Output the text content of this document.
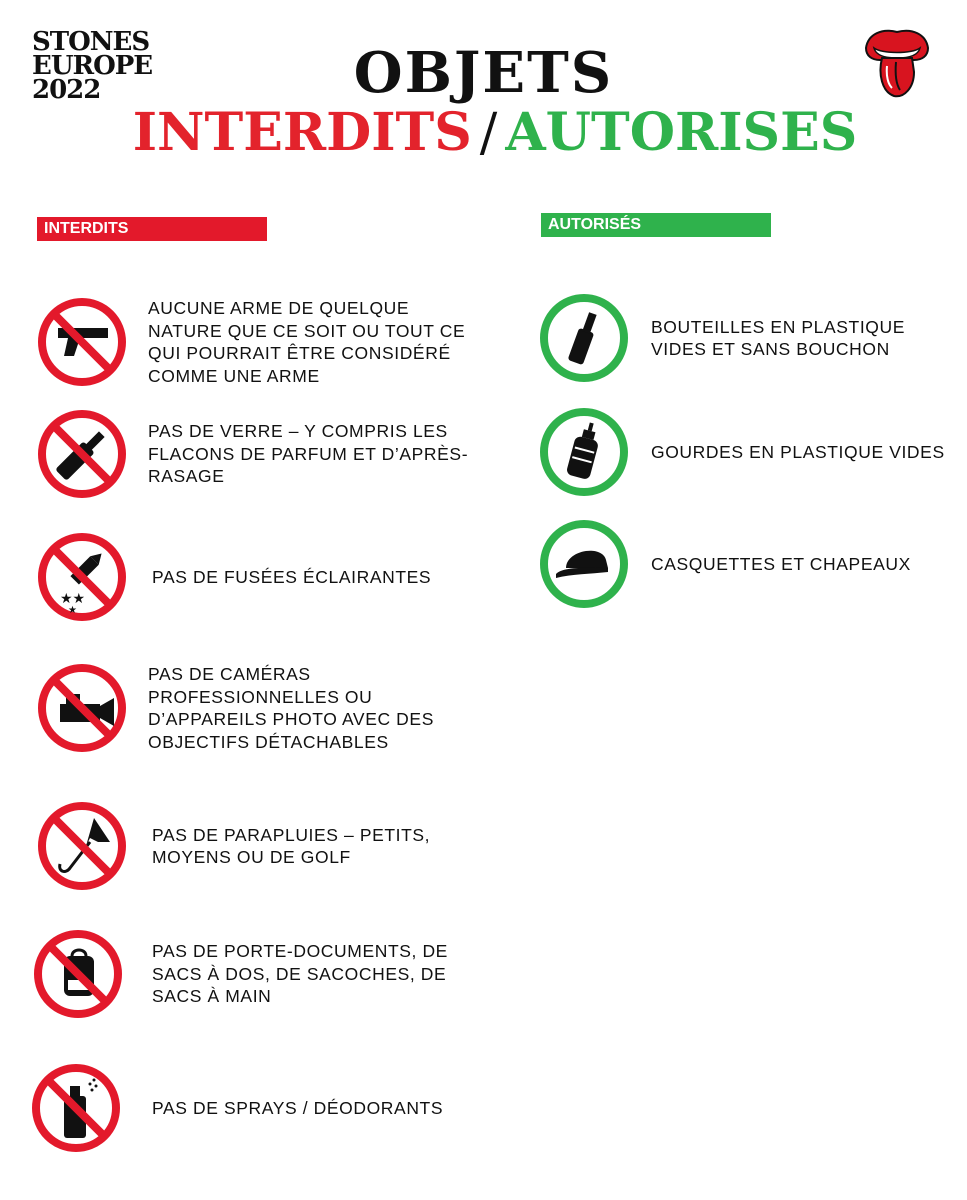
STONES
EUROPE
2022	OBJETS
INTERDITS / AUTORISES
INTERDITS	AUTORISÉS
AUCUNE ARME DE QUELQUE NATURE QUE CE SOIT OU TOUT CE QUI POURRAIT ÊTRE CONSIDÉRÉ COMME UNE ARME
PAS DE VERRE – Y COMPRIS LES FLACONS DE PARFUM ET D’APRÈS-RASAGE
★★
★
PAS DE FUSÉES ÉCLAIRANTES
PAS DE CAMÉRAS PROFESSIONNELLES OU D’APPAREILS PHOTO AVEC DES OBJECTIFS DÉTACHABLES
PAS DE PARAPLUIES – PETITS, MOYENS OU DE GOLF
PAS DE PORTE-DOCUMENTS, DE SACS À DOS, DE SACOCHES, DE SACS À MAIN
PAS DE SPRAYS / DÉODORANTS
BOUTEILLES EN PLASTIQUE VIDES ET SANS BOUCHON
GOURDES EN PLASTIQUE VIDES
CASQUETTES ET CHAPEAUX
